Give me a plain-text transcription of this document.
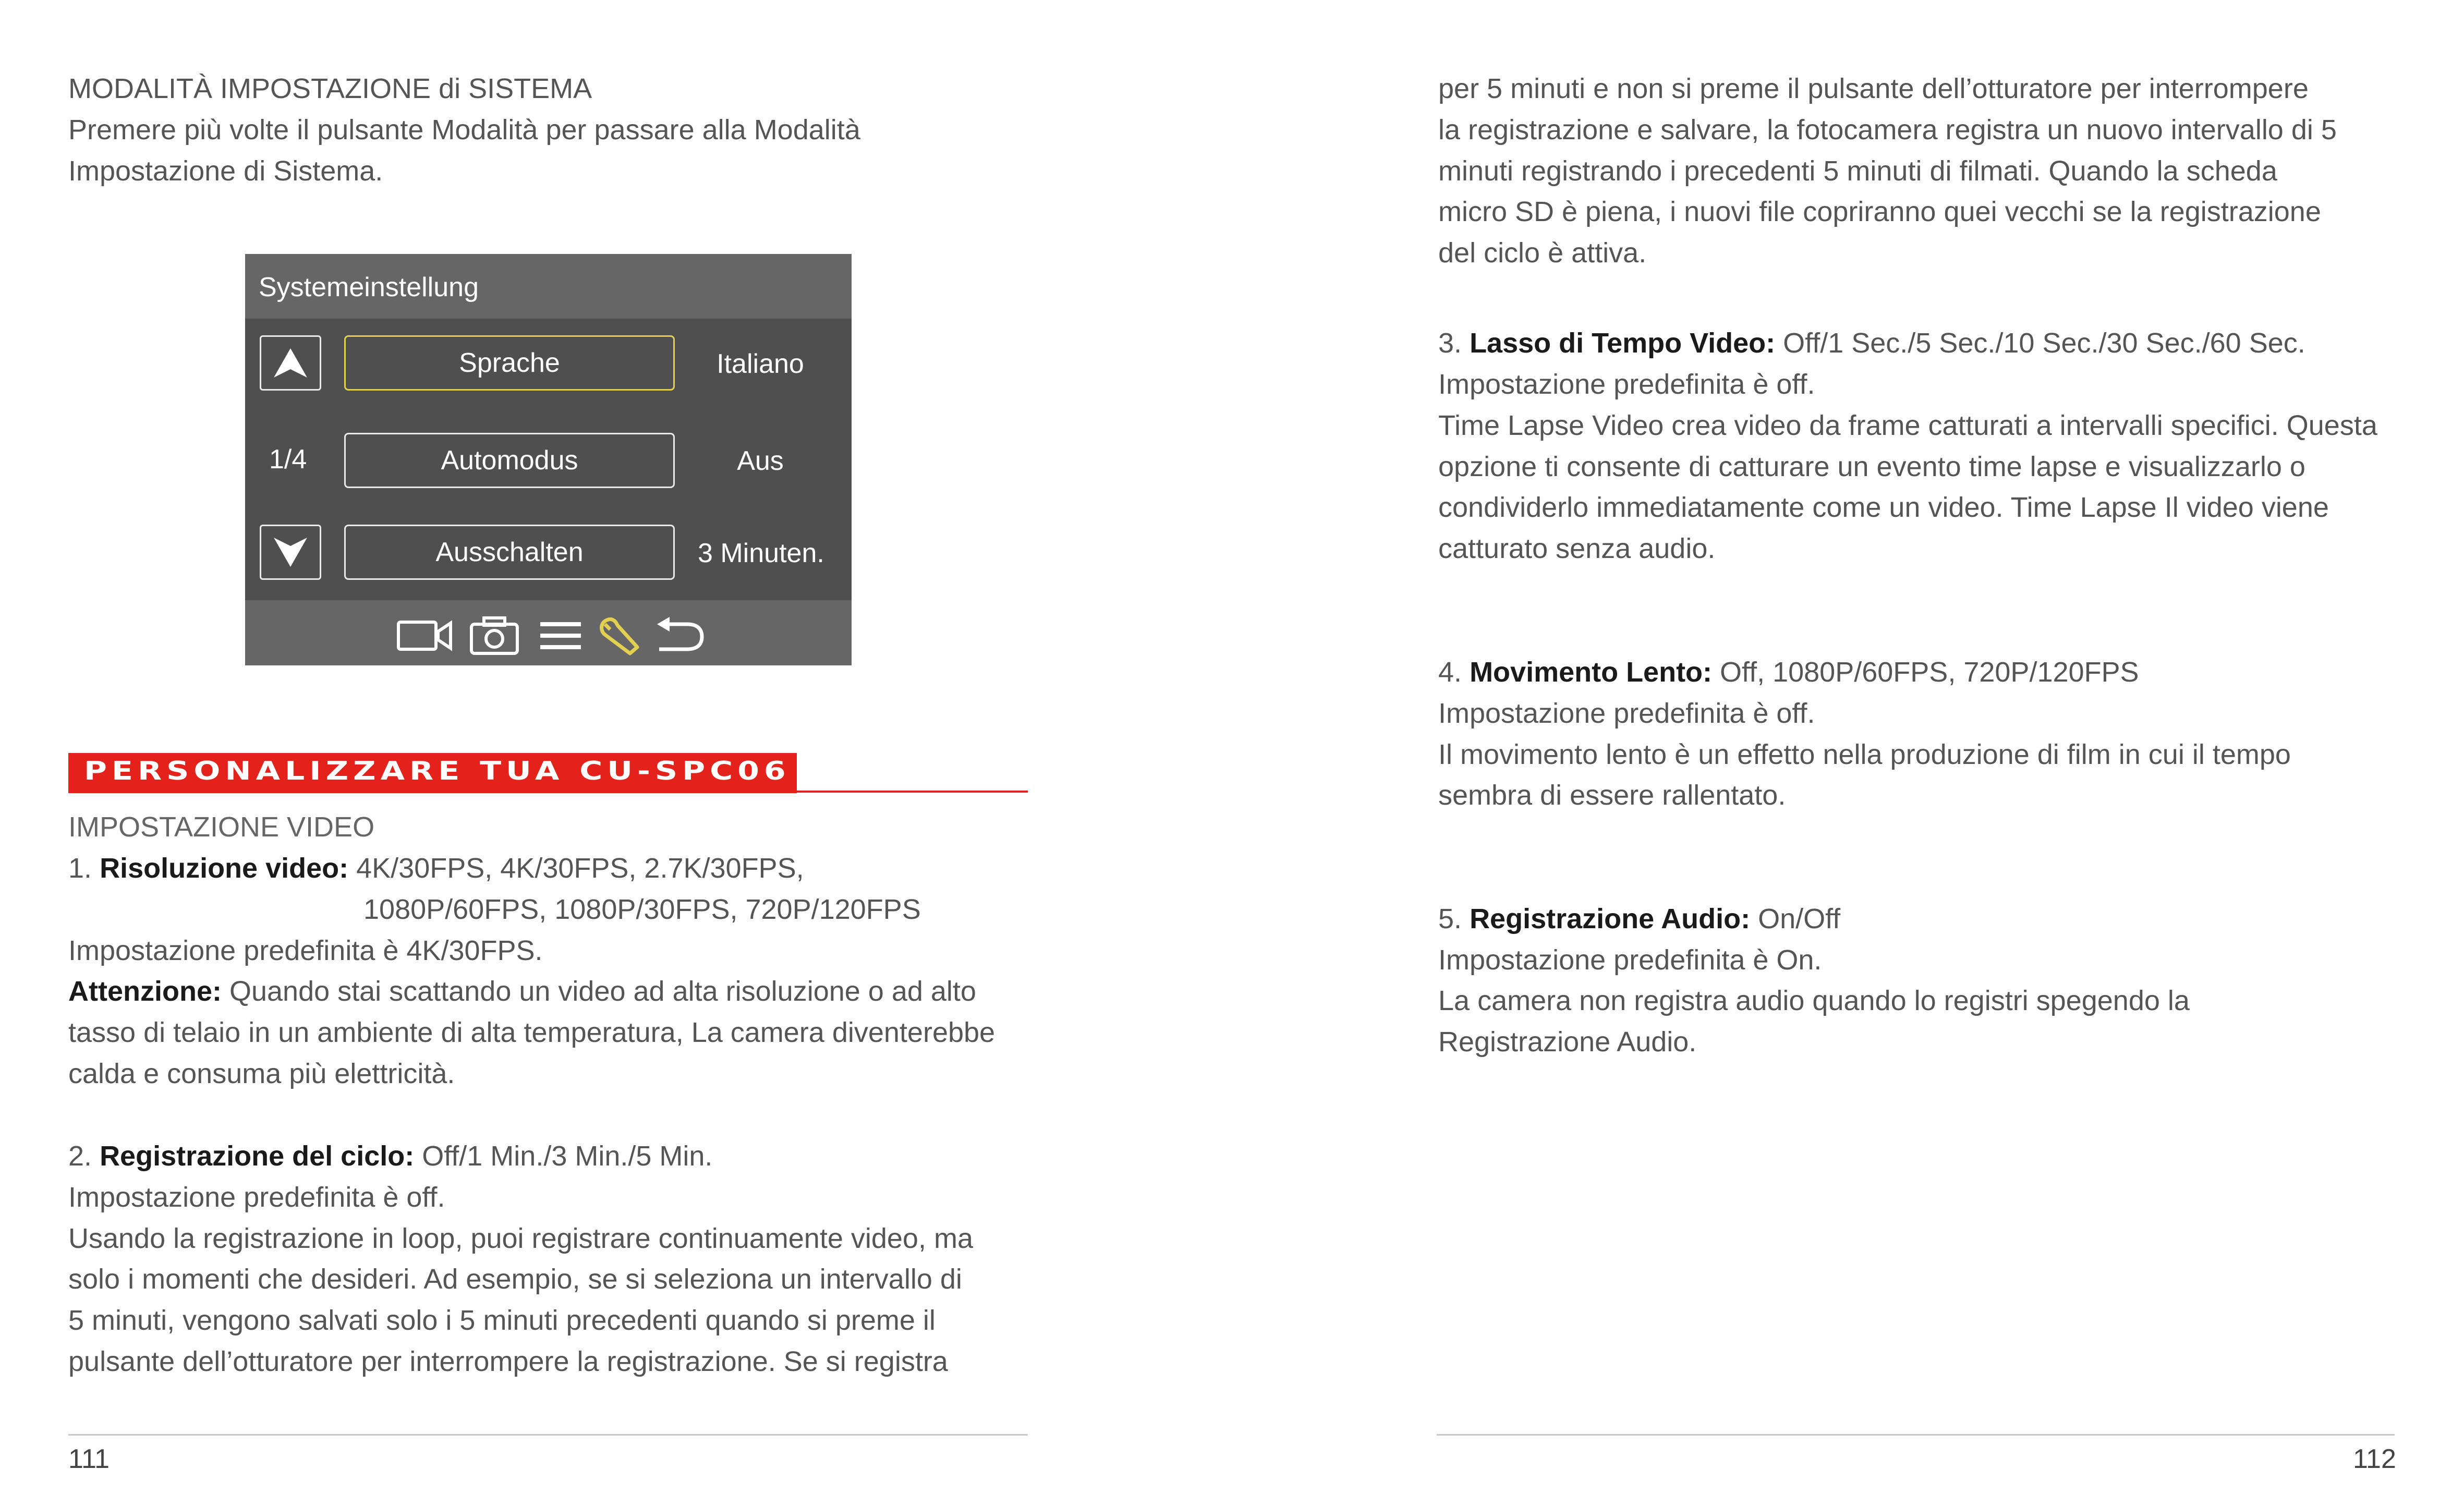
MODALITÀ IMPOSTAZIONE di SISTEMA
Premere più volte il pulsante Modalità per passare alla Modalità
Impostazione di Sistema.
Systemeinstellung
Sprache	Italiano
1/4	Automodus	Aus
Ausschalten	3 Minuten.
PERSONALIZZARE TUA CU-SPC06
IMPOSTAZIONE VIDEO
1. Risoluzione video: 4K/30FPS, 4K/30FPS, 2.7K/30FPS,
1080P/60FPS, 1080P/30FPS, 720P/120FPS
Impostazione predefinita è 4K/30FPS.
Attenzione: Quando stai scattando un video ad alta risoluzione o ad alto
tasso di telaio in un ambiente di alta temperatura, La camera diventerebbe
calda e consuma più elettricità.
2. Registrazione del ciclo: Off/1 Min./3 Min./5 Min.
Impostazione predefinita è off.
Usando la registrazione in loop, puoi registrare continuamente video, ma
solo i momenti che desideri. Ad esempio, se si seleziona un intervallo di
5 minuti, vengono salvati solo i 5 minuti precedenti quando si preme il
pulsante dell’otturatore per interrompere la registrazione. Se si registra
111
per 5 minuti e non si preme il pulsante dell’otturatore per interrompere
la registrazione e salvare, la fotocamera registra un nuovo intervallo di 5
minuti registrando i precedenti 5 minuti di filmati. Quando la scheda
micro SD è piena, i nuovi file copriranno quei vecchi se la registrazione
del ciclo è attiva.
3. Lasso di Tempo Video: Off/1 Sec./5 Sec./10 Sec./30 Sec./60 Sec.
Impostazione predefinita è off.
Time Lapse Video crea video da frame catturati a intervalli specifici. Questa
opzione ti consente di catturare un evento time lapse e visualizzarlo o
condividerlo immediatamente come un video. Time Lapse Il video viene
catturato senza audio.
4. Movimento Lento: Off, 1080P/60FPS, 720P/120FPS
Impostazione predefinita è off.
Il movimento lento è un effetto nella produzione di film in cui il tempo
sembra di essere rallentato.
5. Registrazione Audio: On/Off
Impostazione predefinita è On.
La camera non registra audio quando lo registri spegendo la
Registrazione Audio.
112
